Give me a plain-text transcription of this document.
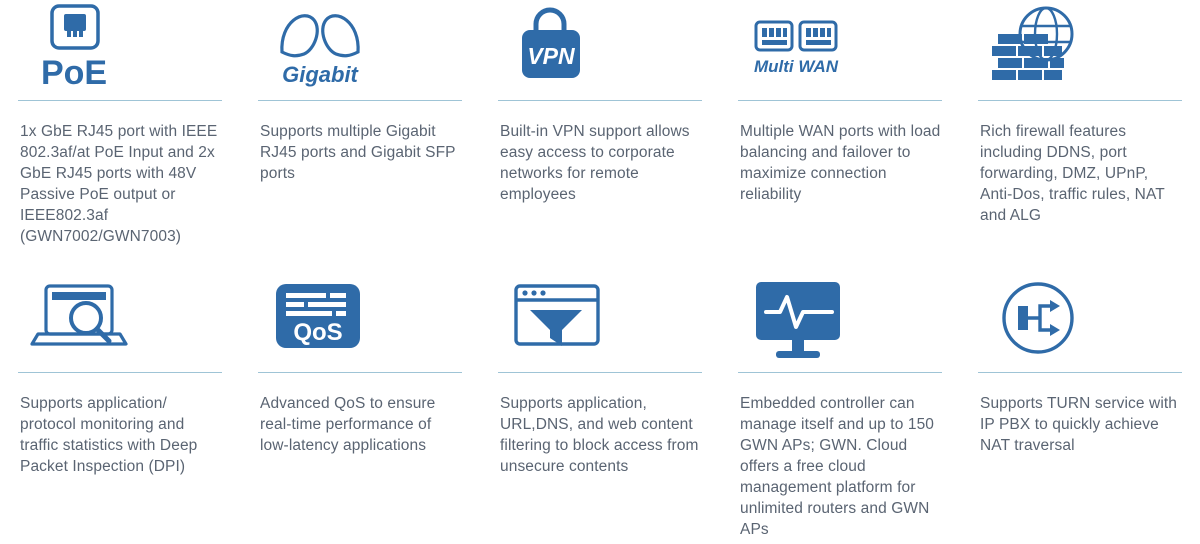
PoE
1x GbE RJ45 port with IEEE 802.3af/at PoE Input and 2x GbE RJ45 ports with 48V Passive PoE output or IEEE802.3af (GWN7002/GWN7003)
Gigabit
Supports multiple Gigabit RJ45 ports and Gigabit SFP ports
VPN
Built-in VPN support allows easy access to corporate networks for remote employees
Multi WAN
Multiple WAN ports with load balancing and failover to maximize connection reliability
Rich firewall features including DDNS, port forwarding, DMZ, UPnP, Anti-Dos, traffic rules, NAT and ALG
Supports application/ protocol monitoring and traffic statistics with Deep Packet Inspection (DPI)
QoS
Advanced QoS to ensure real-time performance of low-latency applications
Supports application, URL,DNS, and web content filtering to block access from unsecure contents
Embedded controller can manage itself and up to 150 GWN APs; GWN. Cloud offers a free cloud management platform for unlimited routers and GWN APs
Supports TURN service with IP PBX to quickly achieve NAT traversal
